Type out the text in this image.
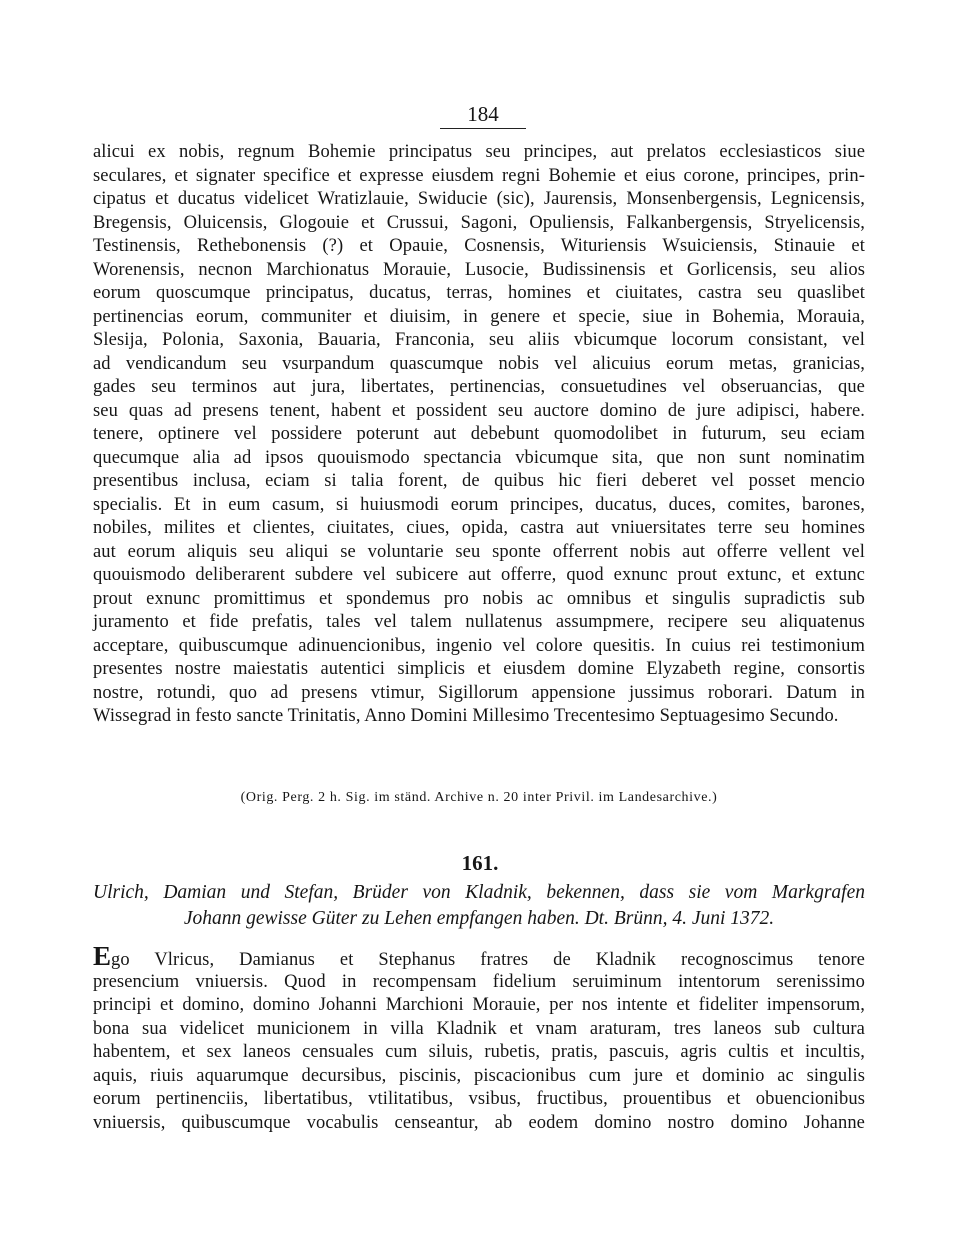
184
alicui ex nobis, regnum Bohemie principatus seu principes, aut prelatos ecclesiasticos siue
seculares, et signater specifice et expresse eiusdem regni Bohemie et eius corone, principes, prin-
cipatus et ducatus videlicet Wratizlauie, Swiducie (sic), Jaurensis, Monsenbergensis, Legnicensis,
Bregensis, Oluicensis, Glogouie et Crussui, Sagoni, Opuliensis, Falkanbergensis, Stryelicensis,
Testinensis, Rethebonensis (?) et Opauie, Cosnensis, Wituriensis Wsuiciensis, Stinauie et
Worenensis, necnon Marchionatus Morauie, Lusocie, Budissinensis et Gorlicensis, seu alios
eorum quoscumque principatus, ducatus, terras, homines et ciuitates, castra seu quaslibet
pertinencias eorum, communiter et diuisim, in genere et specie, siue in Bohemia, Morauia,
Slesija, Polonia, Saxonia, Bauaria, Franconia, seu aliis vbicumque locorum consistant, vel
ad vendicandum seu vsurpandum quascumque nobis vel alicuius eorum metas, granicias,
gades seu terminos aut jura, libertates, pertinencias, consuetudines vel obseruancias, que
seu quas ad presens tenent, habent et possident seu auctore domino de jure adipisci, habere.
tenere, optinere vel possidere poterunt aut debebunt quomodolibet in futurum, seu eciam
quecumque alia ad ipsos quouismodo spectancia vbicumque sita, que non sunt nominatim
presentibus inclusa, eciam si talia forent, de quibus hic fieri deberet vel posset mencio
specialis. Et in eum casum, si huiusmodi eorum principes, ducatus, duces, comites, barones,
nobiles, milites et clientes, ciuitates, ciues, opida, castra aut vniuersitates terre seu homines
aut eorum aliquis seu aliqui se voluntarie seu sponte offerrent nobis aut offerre vellent vel
quouismodo deliberarent subdere vel subicere aut offerre, quod exnunc prout extunc, et extunc
prout exnunc promittimus et spondemus pro nobis ac omnibus et singulis supradictis sub
juramento et fide prefatis, tales vel talem nullatenus assumpmere, recipere seu aliquatenus
acceptare, quibuscumque adinuencionibus, ingenio vel colore quesitis. In cuius rei testimonium
presentes nostre maiestatis autentici simplicis et eiusdem domine Elyzabeth regine, consortis
nostre, rotundi, quo ad presens vtimur, Sigillorum appensione jussimus roborari. Datum in
Wissegrad in festo sancte Trinitatis, Anno Domini Millesimo Trecentesimo Septuagesimo Secundo.
(Orig. Perg. 2 h. Sig. im ständ. Archive n. 20 inter Privil. im Landesarchive.)
161.
Ulrich, Damian und Stefan, Brüder von Kladnik, bekennen, dass sie vom Markgrafen
Johann gewisse Güter zu Lehen empfangen haben. Dt. Brünn, 4. Juni 1372.
Ego Vlricus, Damianus et Stephanus fratres de Kladnik recognoscimus tenore
presencium vniuersis. Quod in recompensam fidelium seruiminum intentorum serenissimo
principi et domino, domino Johanni Marchioni Morauie, per nos intente et fideliter impensorum,
bona sua videlicet municionem in villa Kladnik et vnam araturam, tres laneos sub cultura
habentem, et sex laneos censuales cum siluis, rubetis, pratis, pascuis, agris cultis et incultis,
aquis, riuis aquarumque decursibus, piscinis, piscacionibus cum jure et dominio ac singulis
eorum pertinenciis, libertatibus, vtilitatibus, vsibus, fructibus, prouentibus et obuencionibus
vniuersis, quibuscumque vocabulis censeantur, ab eodem domino nostro domino Johanne
